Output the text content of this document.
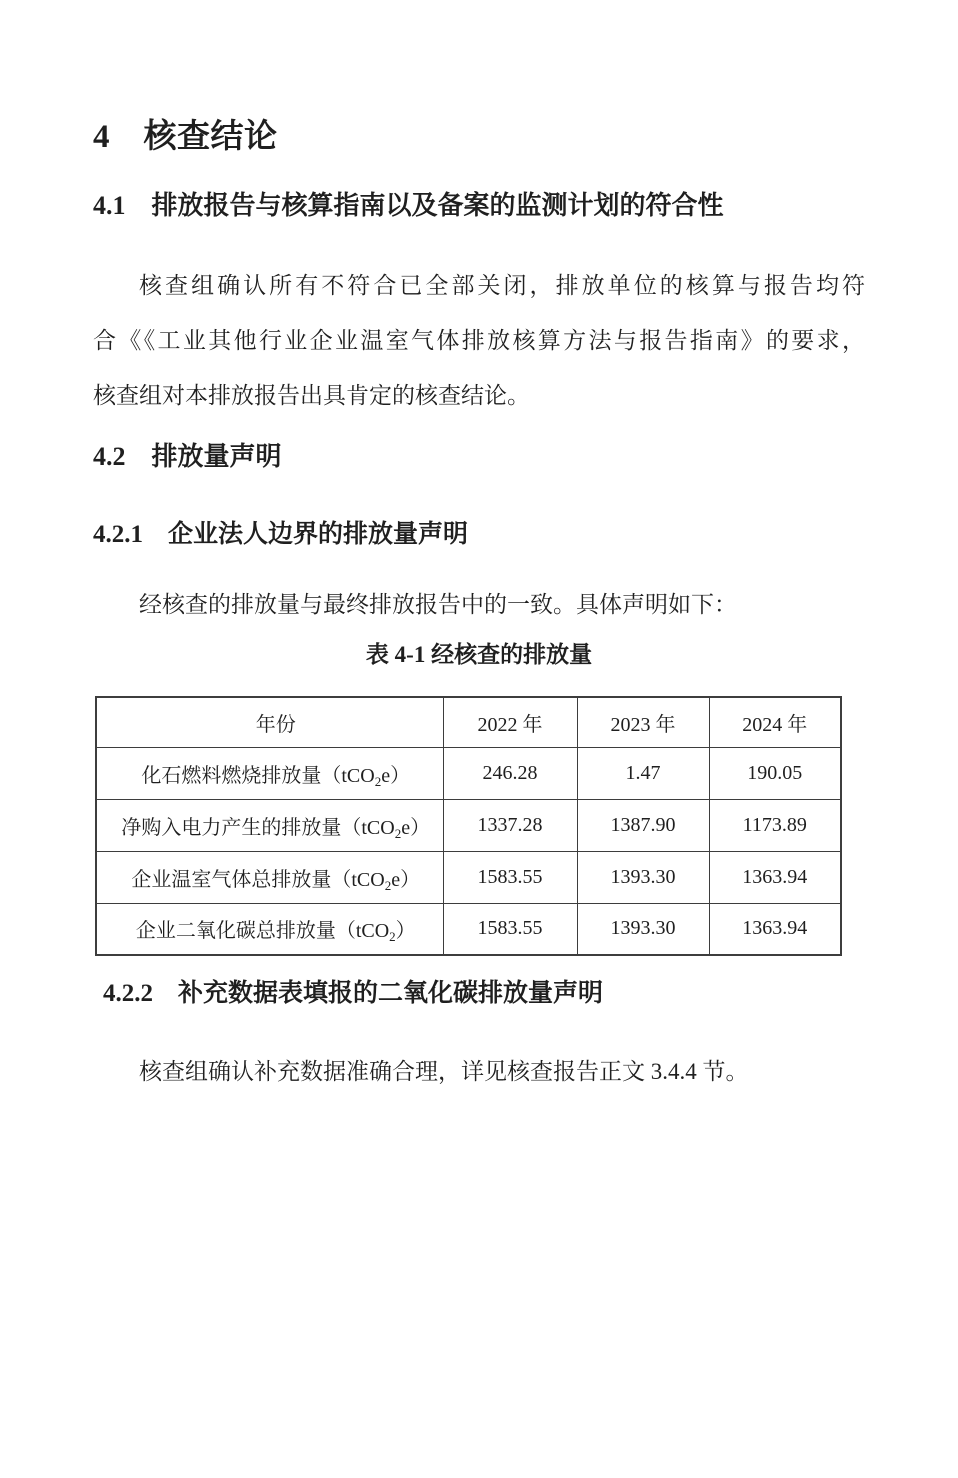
4　核查结论
4.1　排放报告与核算指南以及备案的监测计划的符合性
核查组确认所有不符合已全部关闭，排放单位的核算与报告均符
合《《工业其他行业企业温室气体排放核算方法与报告指南》的要求，
核查组对本排放报告出具肯定的核查结论。
4.2　排放量声明
4.2.1　企业法人边界的排放量声明
经核查的排放量与最终排放报告中的一致。具体声明如下：
表 4-1 经核查的排放量
年份	2022 年	2023 年	2024 年
化石燃料燃烧排放量（tCO$_2$e）	246.28	1.47	190.05
净购入电力产生的排放量（tCO$_2$e）	1337.28	1387.90	1173.89
企业温室气体总排放量（tCO$_2$e）	1583.55	1393.30	1363.94
企业二氧化碳总排放量（tCO$_2$）	1583.55	1393.30	1363.94
4.2.2　补充数据表填报的二氧化碳排放量声明
核查组确认补充数据准确合理，详见核查报告正文 3.4.4 节。
